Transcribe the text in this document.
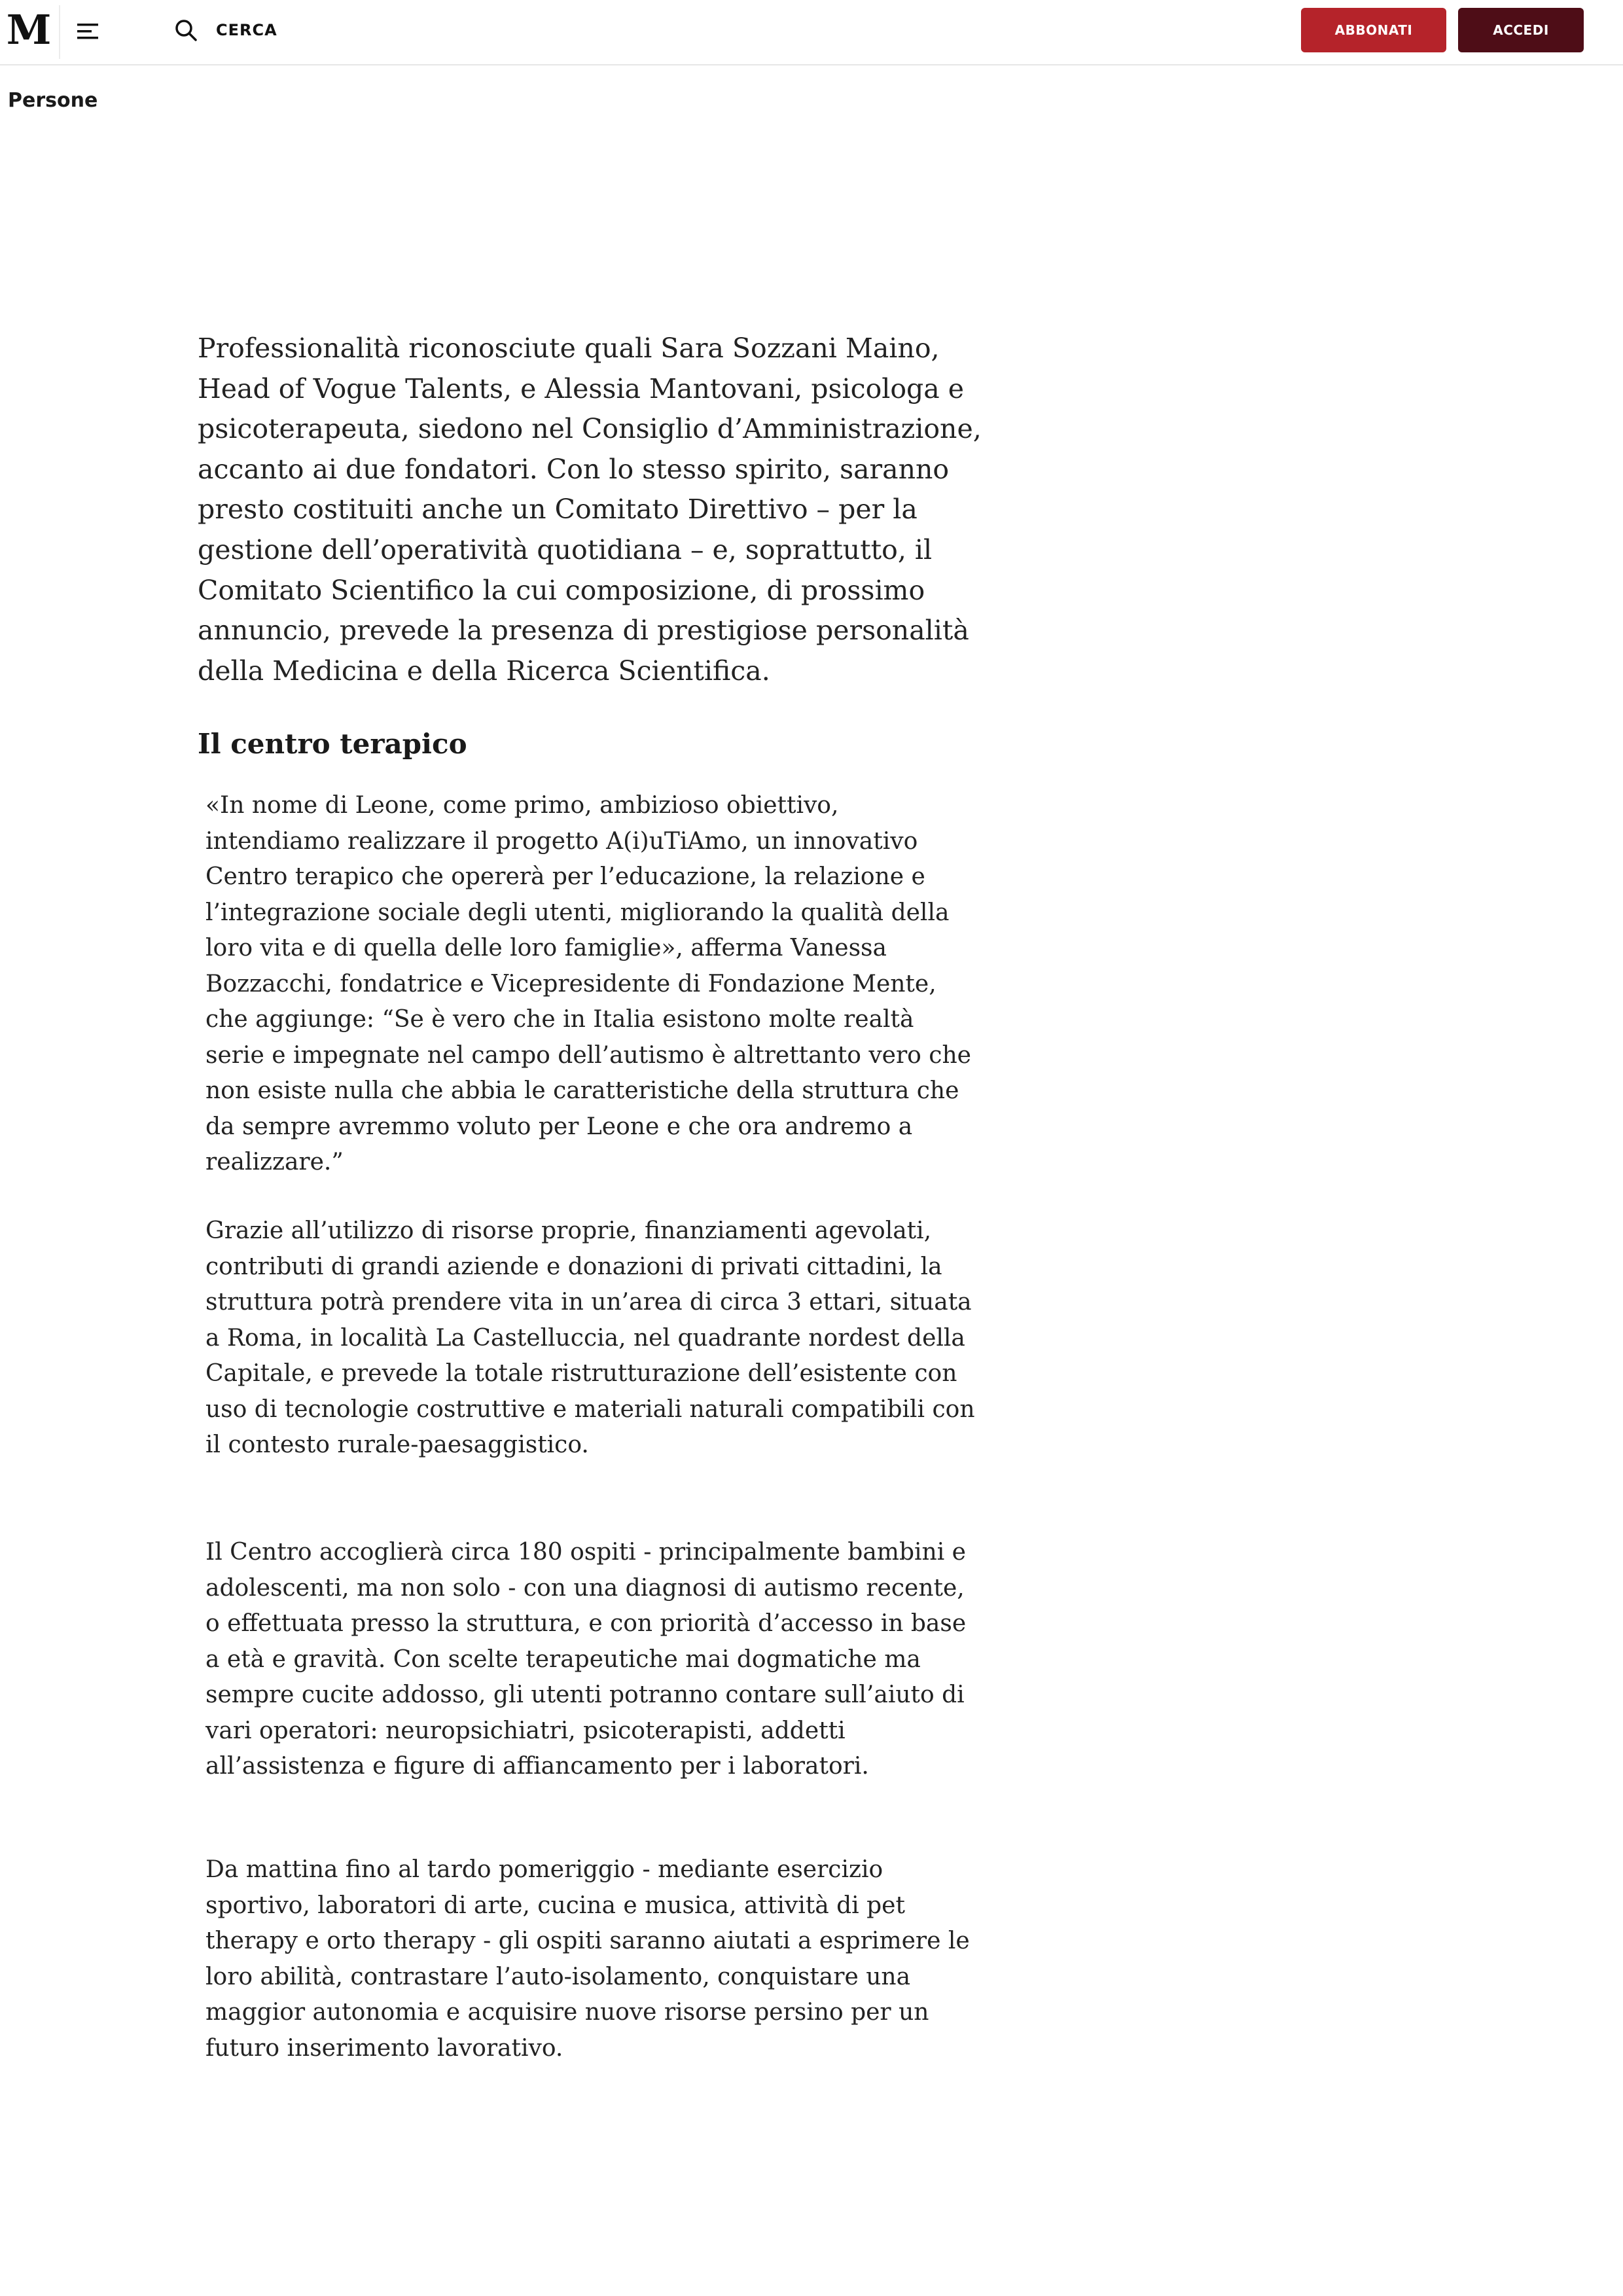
M	CERCA	ABBONATI	ACCEDI
Persone

Professionalità riconosciute quali Sara Sozzani Maino, Head of Vogue Talents, e Alessia Mantovani, psicologa e psicoterapeuta, siedono nel Consiglio d’Amministrazione, accanto ai due fondatori. Con lo stesso spirito, saranno presto costituiti anche un Comitato Direttivo – per la gestione dell’operatività quotidiana – e, soprattutto, il Comitato Scientifico la cui composizione, di prossimo annuncio, prevede la presenza di prestigiose personalità della Medicina e della Ricerca Scientifica.

Il centro terapico

«In nome di Leone, come primo, ambizioso obiettivo, intendiamo realizzare il progetto A(i)uTiAmo, un innovativo Centro terapico che opererà per l’educazione, la relazione e l’integrazione sociale degli utenti, migliorando la qualità della loro vita e di quella delle loro famiglie», afferma Vanessa Bozzacchi, fondatrice e Vicepresidente di Fondazione Mente, che aggiunge: “Se è vero che in Italia esistono molte realtà serie e impegnate nel campo dell’autismo è altrettanto vero che non esiste nulla che abbia le caratteristiche della struttura che da sempre avremmo voluto per Leone e che ora andremo a realizzare.”

Grazie all’utilizzo di risorse proprie, finanziamenti agevolati, contributi di grandi aziende e donazioni di privati cittadini, la struttura potrà prendere vita in un’area di circa 3 ettari, situata a Roma, in località La Castelluccia, nel quadrante nordest della Capitale, e prevede la totale ristrutturazione dell’esistente con uso di tecnologie costruttive e materiali naturali compatibili con il contesto rurale-paesaggistico.

Il Centro accoglierà circa 180 ospiti - principalmente bambini e adolescenti, ma non solo - con una diagnosi di autismo recente, o effettuata presso la struttura, e con priorità d’accesso in base a età e gravità. Con scelte terapeutiche mai dogmatiche ma sempre cucite addosso, gli utenti potranno contare sull’aiuto di vari operatori: neuropsichiatri, psicoterapisti, addetti all’assistenza e figure di affiancamento per i laboratori.

Da mattina fino al tardo pomeriggio - mediante esercizio sportivo, laboratori di arte, cucina e musica, attività di pet therapy e orto therapy - gli ospiti saranno aiutati a esprimere le loro abilità, contrastare l’auto-isolamento, conquistare una maggior autonomia e acquisire nuove risorse persino per un futuro inserimento lavorativo.
